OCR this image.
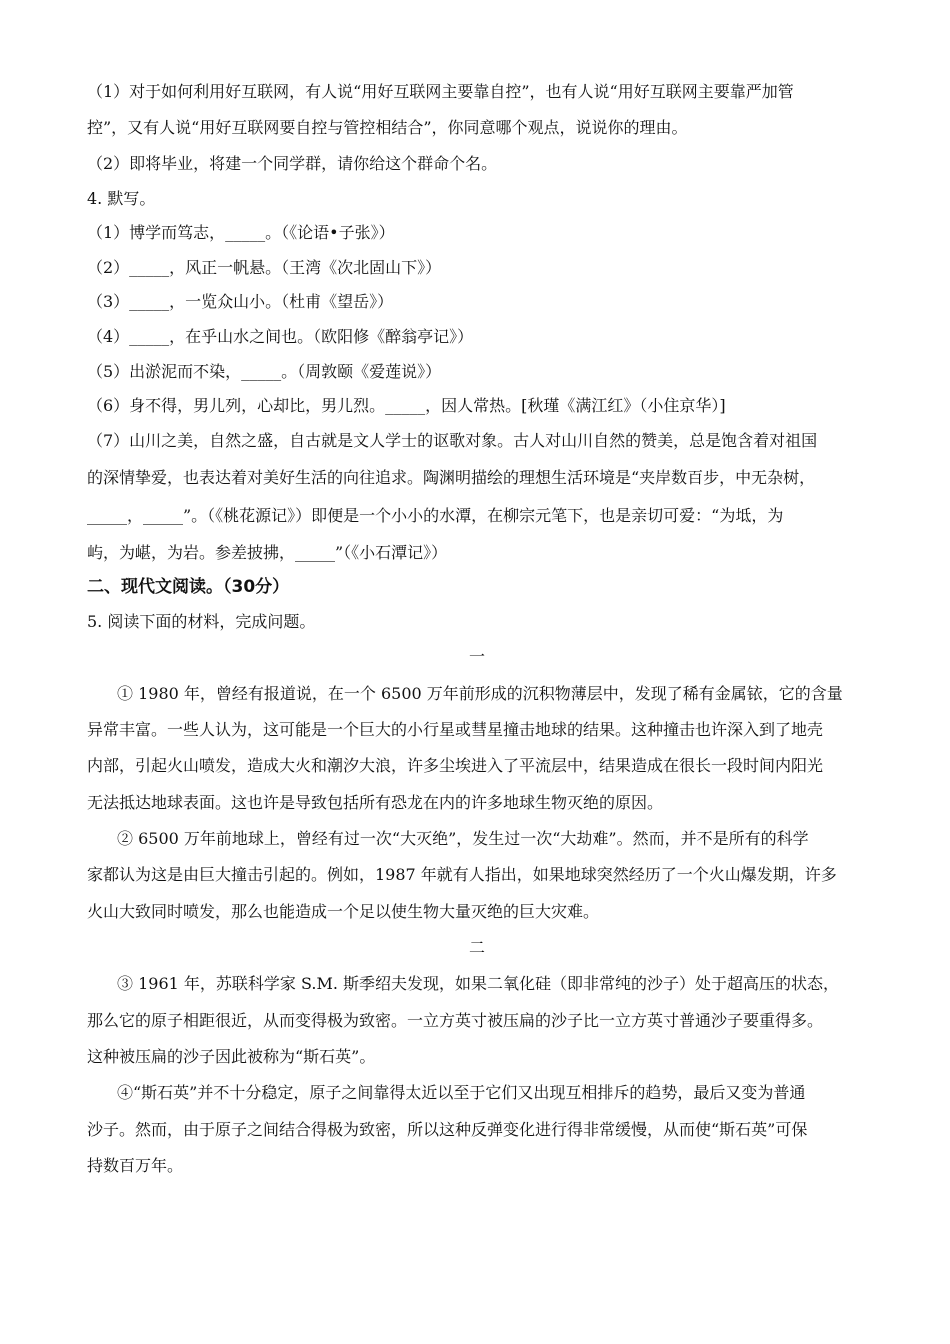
（1）对于如何利用好互联网，有人说“用好互联网主要靠自控”，也有人说“用好互联网主要靠严加管
控”，又有人说“用好互联网要自控与管控相结合”，你同意哪个观点，说说你的理由。
（2）即将毕业，将建一个同学群，请你给这个群命个名。
4. 默写。
（1）博学而笃志，_____。（《论语•子张》）
（2）_____，风正一帆悬。（王湾《次北固山下》）
（3）_____，一览众山小。（杜甫《望岳》）
（4）_____，在乎山水之间也。（欧阳修《醉翁亭记》）
（5）出淤泥而不染，_____。（周敦颐《爱莲说》）
（6）身不得，男儿列，心却比，男儿烈。_____，因人常热。[秋瑾《满江红》（小住京华）]
（7）山川之美，自然之盛，自古就是文人学士的讴歌对象。古人对山川自然的赞美，总是饱含着对祖国
的深情挚爱，也表达着对美好生活的向往追求。陶渊明描绘的理想生活环境是“夹岸数百步，中无杂树，
_____，_____”。（《桃花源记》）即便是一个小小的水潭，在柳宗元笔下，也是亲切可爱：“为坻，为
屿，为嵁，为岩。参差披拂，_____”（《小石潭记》）
二、现代文阅读。（30分）
5. 阅读下面的材料，完成问题。
一
① 1980 年，曾经有报道说，在一个 6500 万年前形成的沉积物薄层中，发现了稀有金属铱，它的含量
异常丰富。一些人认为，这可能是一个巨大的小行星或彗星撞击地球的结果。这种撞击也许深入到了地壳
内部，引起火山喷发，造成大火和潮汐大浪，许多尘埃进入了平流层中，结果造成在很长一段时间内阳光
无法抵达地球表面。这也许是导致包括所有恐龙在内的许多地球生物灭绝的原因。
② 6500 万年前地球上，曾经有过一次“大灭绝”，发生过一次“大劫难”。然而，并不是所有的科学
家都认为这是由巨大撞击引起的。例如，1987 年就有人指出，如果地球突然经历了一个火山爆发期，许多
火山大致同时喷发，那么也能造成一个足以使生物大量灭绝的巨大灾难。
二
③ 1961 年，苏联科学家 S.M. 斯季绍夫发现，如果二氧化硅（即非常纯的沙子）处于超高压的状态，
那么它的原子相距很近，从而变得极为致密。一立方英寸被压扁的沙子比一立方英寸普通沙子要重得多。
这种被压扁的沙子因此被称为“斯石英”。
④“斯石英”并不十分稳定，原子之间靠得太近以至于它们又出现互相排斥的趋势，最后又变为普通
沙子。然而，由于原子之间结合得极为致密，所以这种反弹变化进行得非常缓慢，从而使“斯石英”可保
持数百万年。
